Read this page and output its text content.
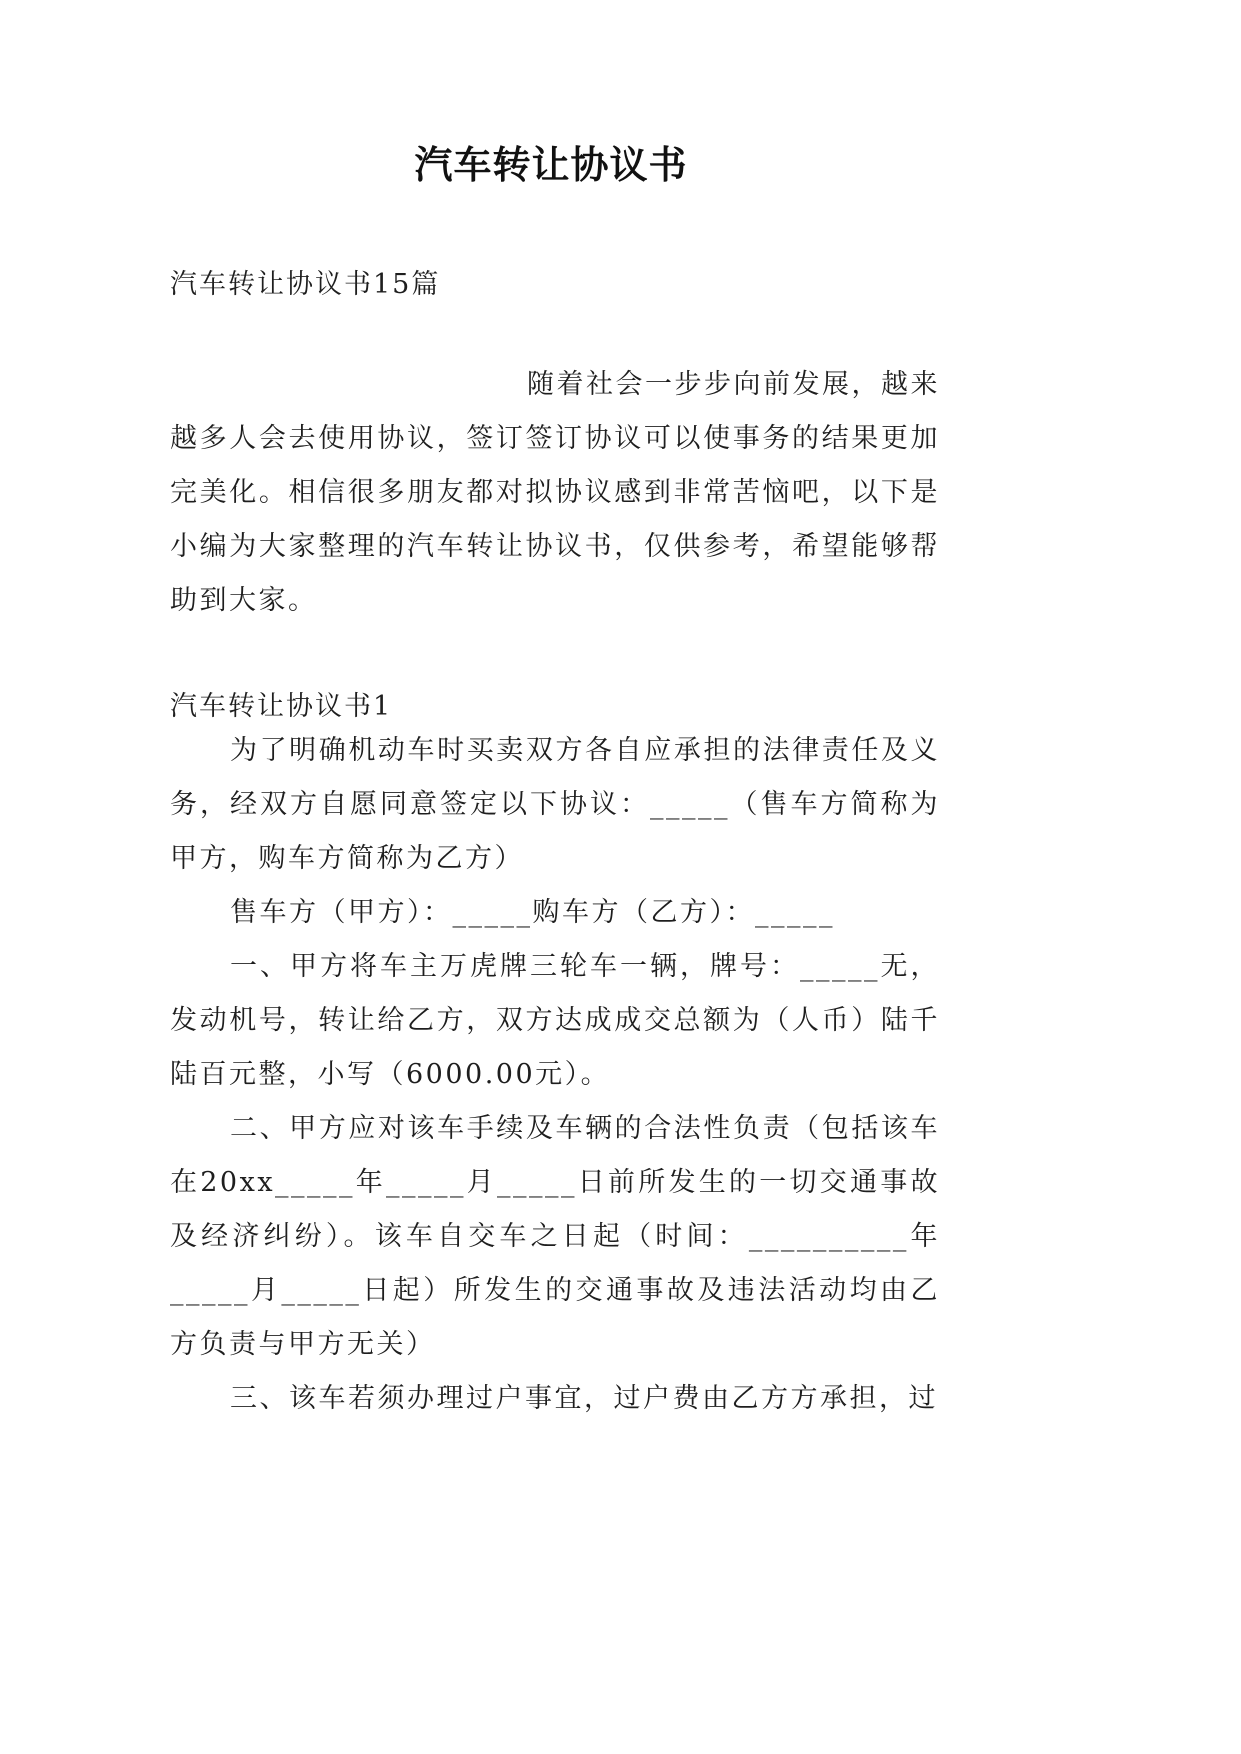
汽车转让协议书
汽车转让协议书15篇

随着社会一步步向前发展，越来越多人会去使用协议，签订签订协议可以使事务的结果更加完美化。相信很多朋友都对拟协议感到非常苦恼吧，以下是小编为大家整理的汽车转让协议书，仅供参考，希望能够帮助到大家。

汽车转让协议书1

为了明确机动车时买卖双方各自应承担的法律责任及义务，经双方自愿同意签定以下协议：_____（售车方简称为甲方，购车方简称为乙方）

售车方（甲方）：_____购车方（乙方）：_____

一、甲方将车主万虎牌三轮车一辆，牌号：_____无，发动机号，转让给乙方，双方达成成交总额为（人币）陆千陆百元整，小写（6000.00元）。

二、甲方应对该车手续及车辆的合法性负责（包括该车在20xx_____年_____月_____日前所发生的一切交通事故及经济纠纷）。该车自交车之日起（时间：__________年_____月_____日起）所发生的交通事故及违法活动均由乙方负责与甲方无关）

三、该车若须办理过户事宜，过户费由乙方方承担，过
